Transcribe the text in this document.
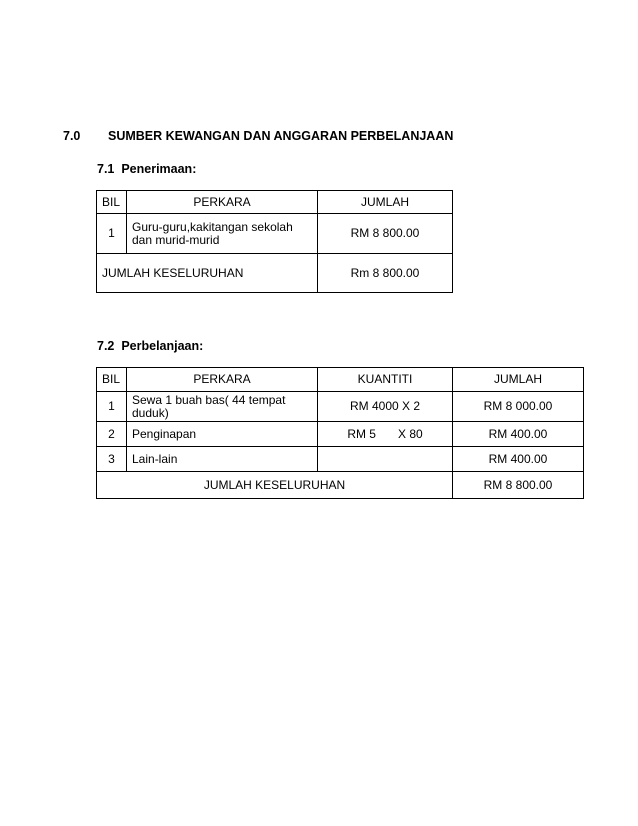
7.0 SUMBER KEWANGAN DAN ANGGARAN PERBELANJAAN
7.1  Penerimaan:
BIL	PERKARA	JUMLAH
1	Guru-guru,kakitangan sekolah dan murid-murid	RM 8 800.00
JUMLAH KESELURUHAN		Rm 8 800.00
7.2  Perbelanjaan:
BIL	PERKARA	KUANTITI	JUMLAH
1	Sewa 1 buah bas( 44 tempat duduk)	RM 4000 X 2	RM 8 000.00
2	Penginapan	RM 5 X 80	RM 400.00
3	Lain-lain		RM 400.00
JUMLAH KESELURUHAN			RM 8 800.00
